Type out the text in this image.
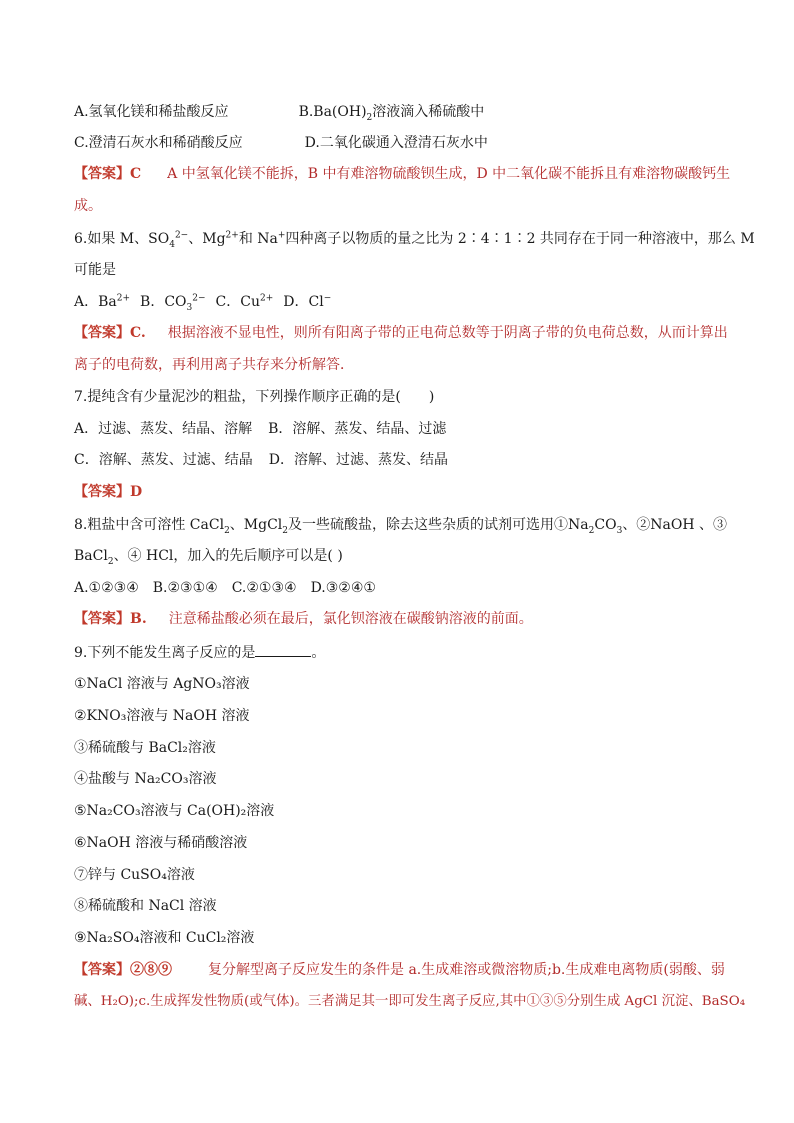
A.氢氧化镁和稀盐酸反应	$B.Ba(OH)_2$溶液滴入稀硫酸中
C.澄清石灰水和稀硝酸反应	D.二氧化碳通入澄清石灰水中
【答案】C A 中氢氧化镁不能拆，B 中有难溶物硫酸钡生成，D 中二氧化碳不能拆且有难溶物碳酸钙生
成。
6.如果 M、$SO_4^{2-}$、$Mg^{2+}$和 Na+四种离子以物质的量之比为 2∶4∶1∶2 共同存在于同一种溶液中，那么 M
可能是
A．$Ba^{2+}$ B．$CO_3^{2-}$ C．$Cu^{2+}$ D．Cl−
【答案】C. 根据溶液不显电性，则所有阳离子带的正电荷总数等于阴离子带的负电荷总数，从而计算出
离子的电荷数，再利用离子共存来分析解答．
7.提纯含有少量泥沙的粗盐，下列操作顺序正确的是(　　)
A．过滤、蒸发、结晶、溶解 B．溶解、蒸发、结晶、过滤
C．溶解、蒸发、过滤、结晶 D．溶解、过滤、蒸发、结晶
【答案】D
8.粗盐中含可溶性 CaCl$_2$、MgCl$_2$及一些硫酸盐，除去这些杂质的试剂可选用$①Na_2CO_3$、②NaOH 、③
BaCl$_2$、④ HCl，加入的先后顺序可以是( )
A.①②③④　B.②③①④　C.②①③④　D.③②④①
【答案】B. 注意稀盐酸必须在最后，氯化钡溶液在碳酸钠溶液的前面。
9.下列不能发生离子反应的是	。
①NaCl 溶液与 AgNO₃溶液
②KNO₃溶液与 NaOH 溶液
③稀硫酸与 BaCl₂溶液
④盐酸与 Na₂CO₃溶液
⑤Na₂CO₃溶液与 Ca(OH)₂溶液
⑥NaOH 溶液与稀硝酸溶液
⑦锌与 CuSO₄溶液
⑧稀硫酸和 NaCl 溶液
⑨Na₂SO₄溶液和 CuCl₂溶液
【答案】②⑧⑨	复分解型离子反应发生的条件是 a.生成难溶或微溶物质;b.生成难电离物质(弱酸、弱
碱、H₂O);c.生成挥发性物质(或气体)。三者满足其一即可发生离子反应,其中①③⑤分别生成 AgCl 沉淀、BaSO₄
